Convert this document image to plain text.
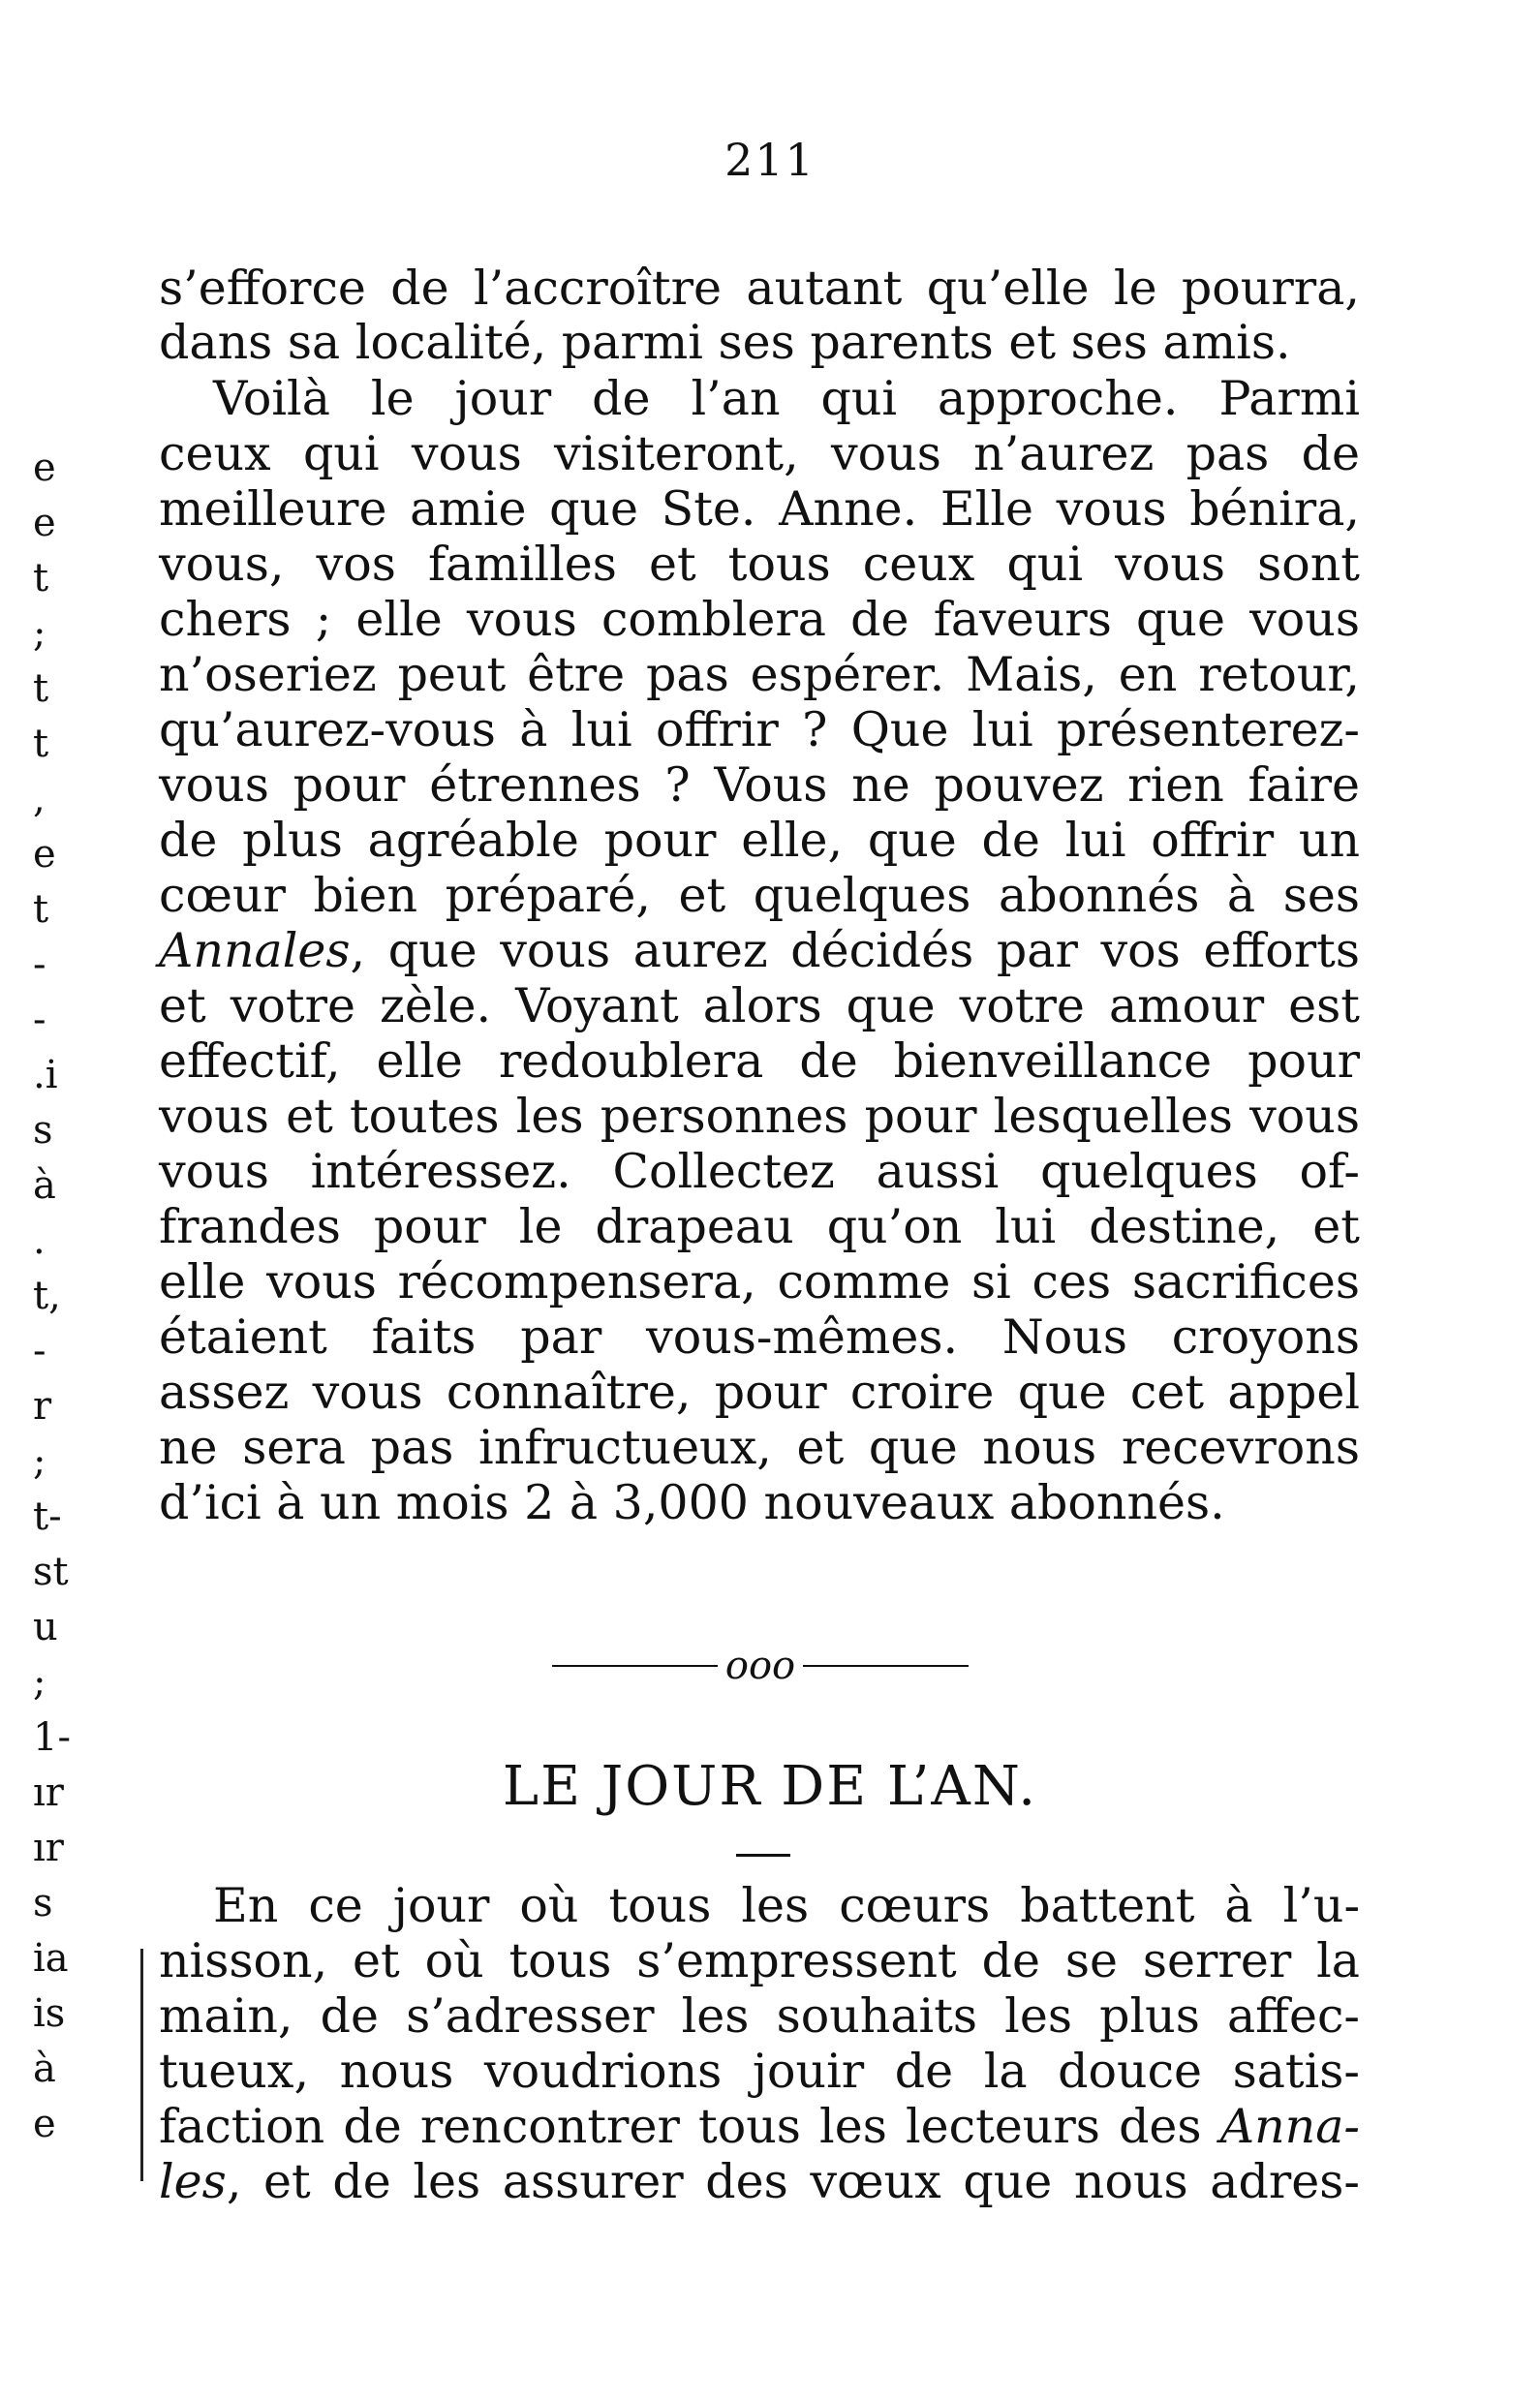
e
e
t
;
t
t
,
e
t
-
-
.i
s
à
.
t,
-
r
;
t-
st
u
;
1-
ır
ır
s
ia
is
à
e
211
s’efforce de l’accroître autant qu’elle le pourra,
dans sa localité, parmi ses parents et ses amis.
Voilà le jour de l’an qui approche. Parmi
ceux qui vous visiteront, vous n’aurez pas de
meilleure amie que Ste. Anne. Elle vous bénira,
vous, vos familles et tous ceux qui vous sont
chers ; elle vous comblera de faveurs que vous
n’oseriez peut être pas espérer. Mais, en retour,
qu’aurez-vous à lui offrir ? Que lui présenterez-
vous pour étrennes ? Vous ne pouvez rien faire
de plus agréable pour elle, que de lui offrir un
cœur bien préparé, et quelques abonnés à ses
Annales, que vous aurez décidés par vos efforts
et votre zèle. Voyant alors que votre amour est
effectif, elle redoublera de bienveillance pour
vous et toutes les personnes pour lesquelles vous
vous intéressez. Collectez aussi quelques of-
frandes pour le drapeau qu’on lui destine, et
elle vous récompensera, comme si ces sacrifices
étaient faits par vous-mêmes. Nous croyons
assez vous connaître, pour croire que cet appel
ne sera pas infructueux, et que nous recevrons
d’ici à un mois 2 à 3,000 nouveaux abonnés.
ooo
LE JOUR DE L’AN.
En ce jour où tous les cœurs battent à l’u-
nisson, et où tous s’empressent de se serrer la
main, de s’adresser les souhaits les plus affec-
tueux, nous voudrions jouir de la douce satis-
faction de rencontrer tous les lecteurs des Anna-
les, et de les assurer des vœux que nous adres-
